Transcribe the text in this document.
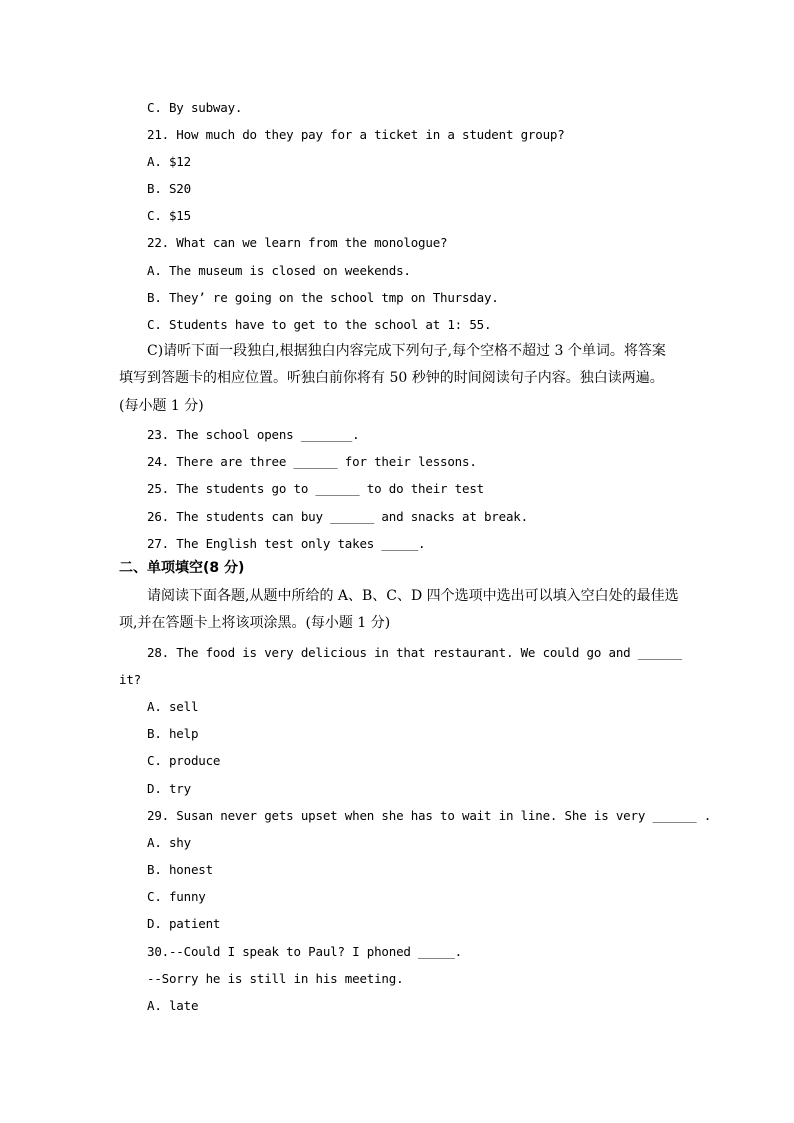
C. By subway.
21. How much do they pay for a ticket in a student group?
A. $12
B. S20
C. $15
22. What can we learn from the monologue?
A. The museum is closed on weekends.
B. They’ re going on the school tmp on Thursday.
C. Students have to get to the school at 1: 55.
C)请听下面一段独白,根据独白内容完成下列句子,每个空格不超过 3 个单词。将答案
填写到答题卡的相应位置。听独白前你将有 50 秒钟的时间阅读句子内容。独白读两遍。
(每小题 1 分)
23. The school opens _______.
24. There are three ______ for their lessons.
25. The students go to ______ to do their test
26. The students can buy ______ and snacks at break.
27. The English test only takes _____.
二、单项填空(8 分)
请阅读下面各题,从题中所给的 A、B、C、D 四个选项中选出可以填入空白处的最佳选
项,并在答题卡上将该项涂黑。(每小题 1 分)
28. The food is very delicious in that restaurant. We could go and ______
it?
A. sell
B. help
C. produce
D. try
29. Susan never gets upset when she has to wait in line. She is very ______ .
A. shy
B. honest
C. funny
D. patient
30.--Could I speak to Paul? I phoned _____.
--Sorry he is still in his meeting.
A. late
